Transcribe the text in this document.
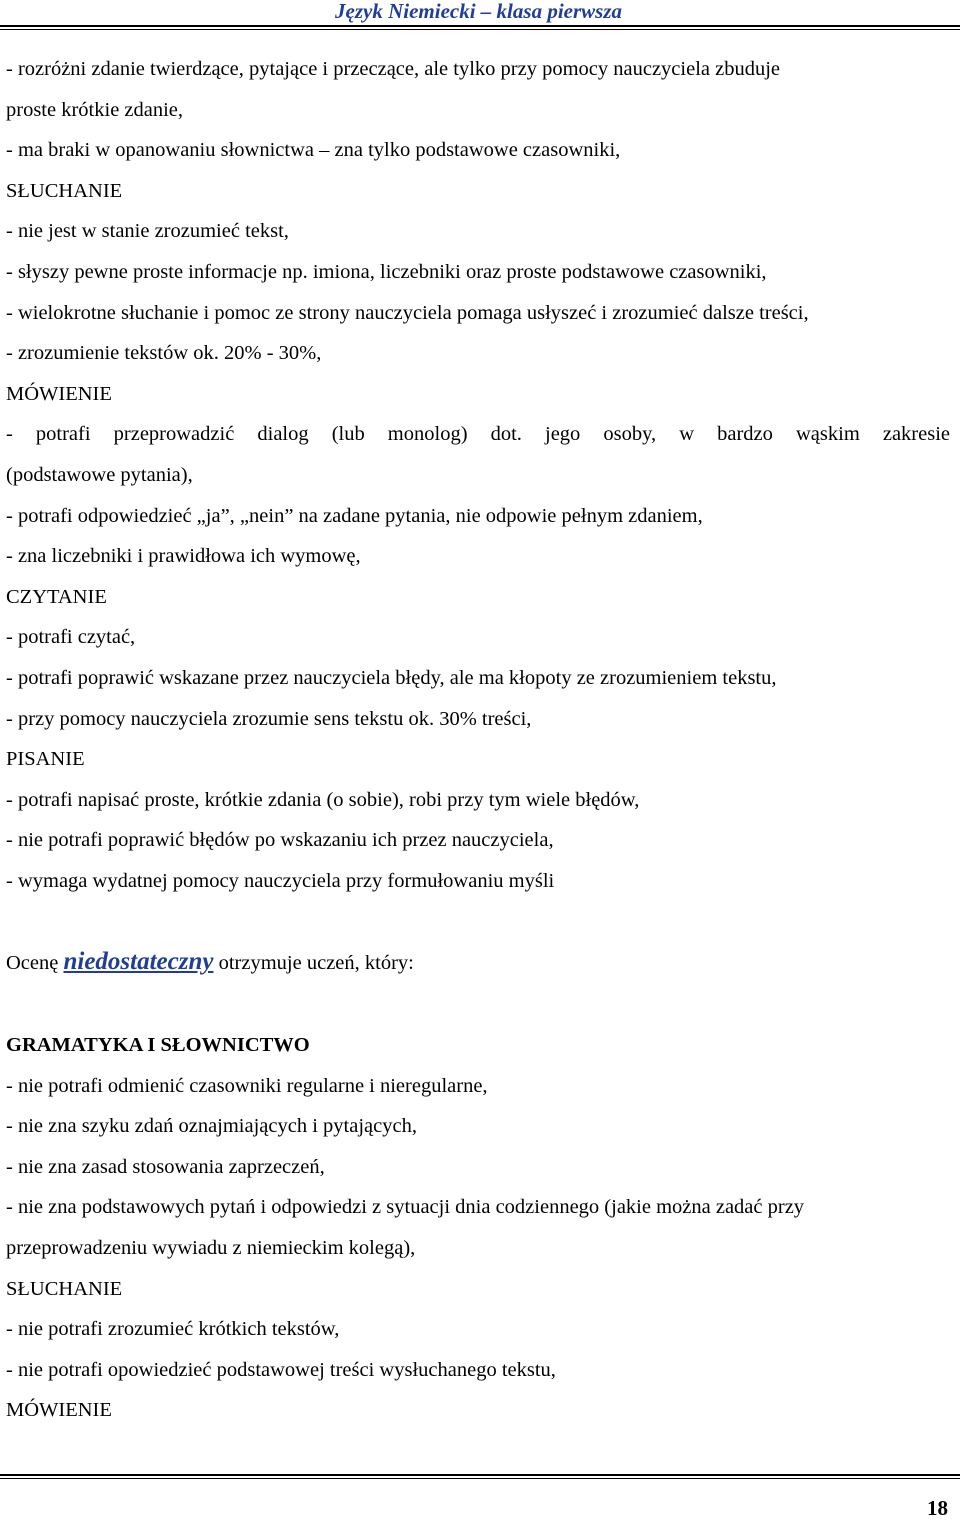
Język Niemiecki – klasa pierwsza
- rozróżni zdanie twierdzące, pytające i przeczące, ale tylko przy pomocy nauczyciela zbuduje
proste krótkie zdanie,
- ma braki w opanowaniu słownictwa – zna tylko podstawowe czasowniki,
SŁUCHANIE
- nie jest w stanie zrozumieć tekst,
- słyszy pewne proste informacje np. imiona, liczebniki oraz proste podstawowe czasowniki,
- wielokrotne słuchanie i pomoc ze strony nauczyciela pomaga usłyszeć i zrozumieć dalsze treści,
- zrozumienie tekstów ok. 20% - 30%,
MÓWIENIE
- potrafi przeprowadzić dialog (lub monolog) dot. jego osoby, w bardzo wąskim zakresie
(podstawowe pytania),
- potrafi odpowiedzieć „ja”, „nein” na zadane pytania, nie odpowie pełnym zdaniem,
- zna liczebniki i prawidłowa ich wymowę,
CZYTANIE
- potrafi czytać,
- potrafi poprawić wskazane przez nauczyciela błędy, ale ma kłopoty ze zrozumieniem tekstu,
- przy pomocy nauczyciela zrozumie sens tekstu ok. 30% treści,
PISANIE
- potrafi napisać proste, krótkie zdania (o sobie), robi przy tym wiele błędów,
- nie potrafi poprawić błędów po wskazaniu ich przez nauczyciela,
- wymaga wydatnej pomocy nauczyciela przy formułowaniu myśli
Ocenę niedostateczny otrzymuje uczeń, który:
GRAMATYKA I SŁOWNICTWO
- nie potrafi odmienić czasowniki regularne i nieregularne,
- nie zna szyku zdań oznajmiających i pytających,
- nie zna zasad stosowania zaprzeczeń,
- nie zna podstawowych pytań i odpowiedzi z sytuacji dnia codziennego (jakie można zadać przy
przeprowadzeniu wywiadu z niemieckim kolegą),
SŁUCHANIE
- nie potrafi zrozumieć krótkich tekstów,
- nie potrafi opowiedzieć podstawowej treści wysłuchanego tekstu,
MÓWIENIE
18
